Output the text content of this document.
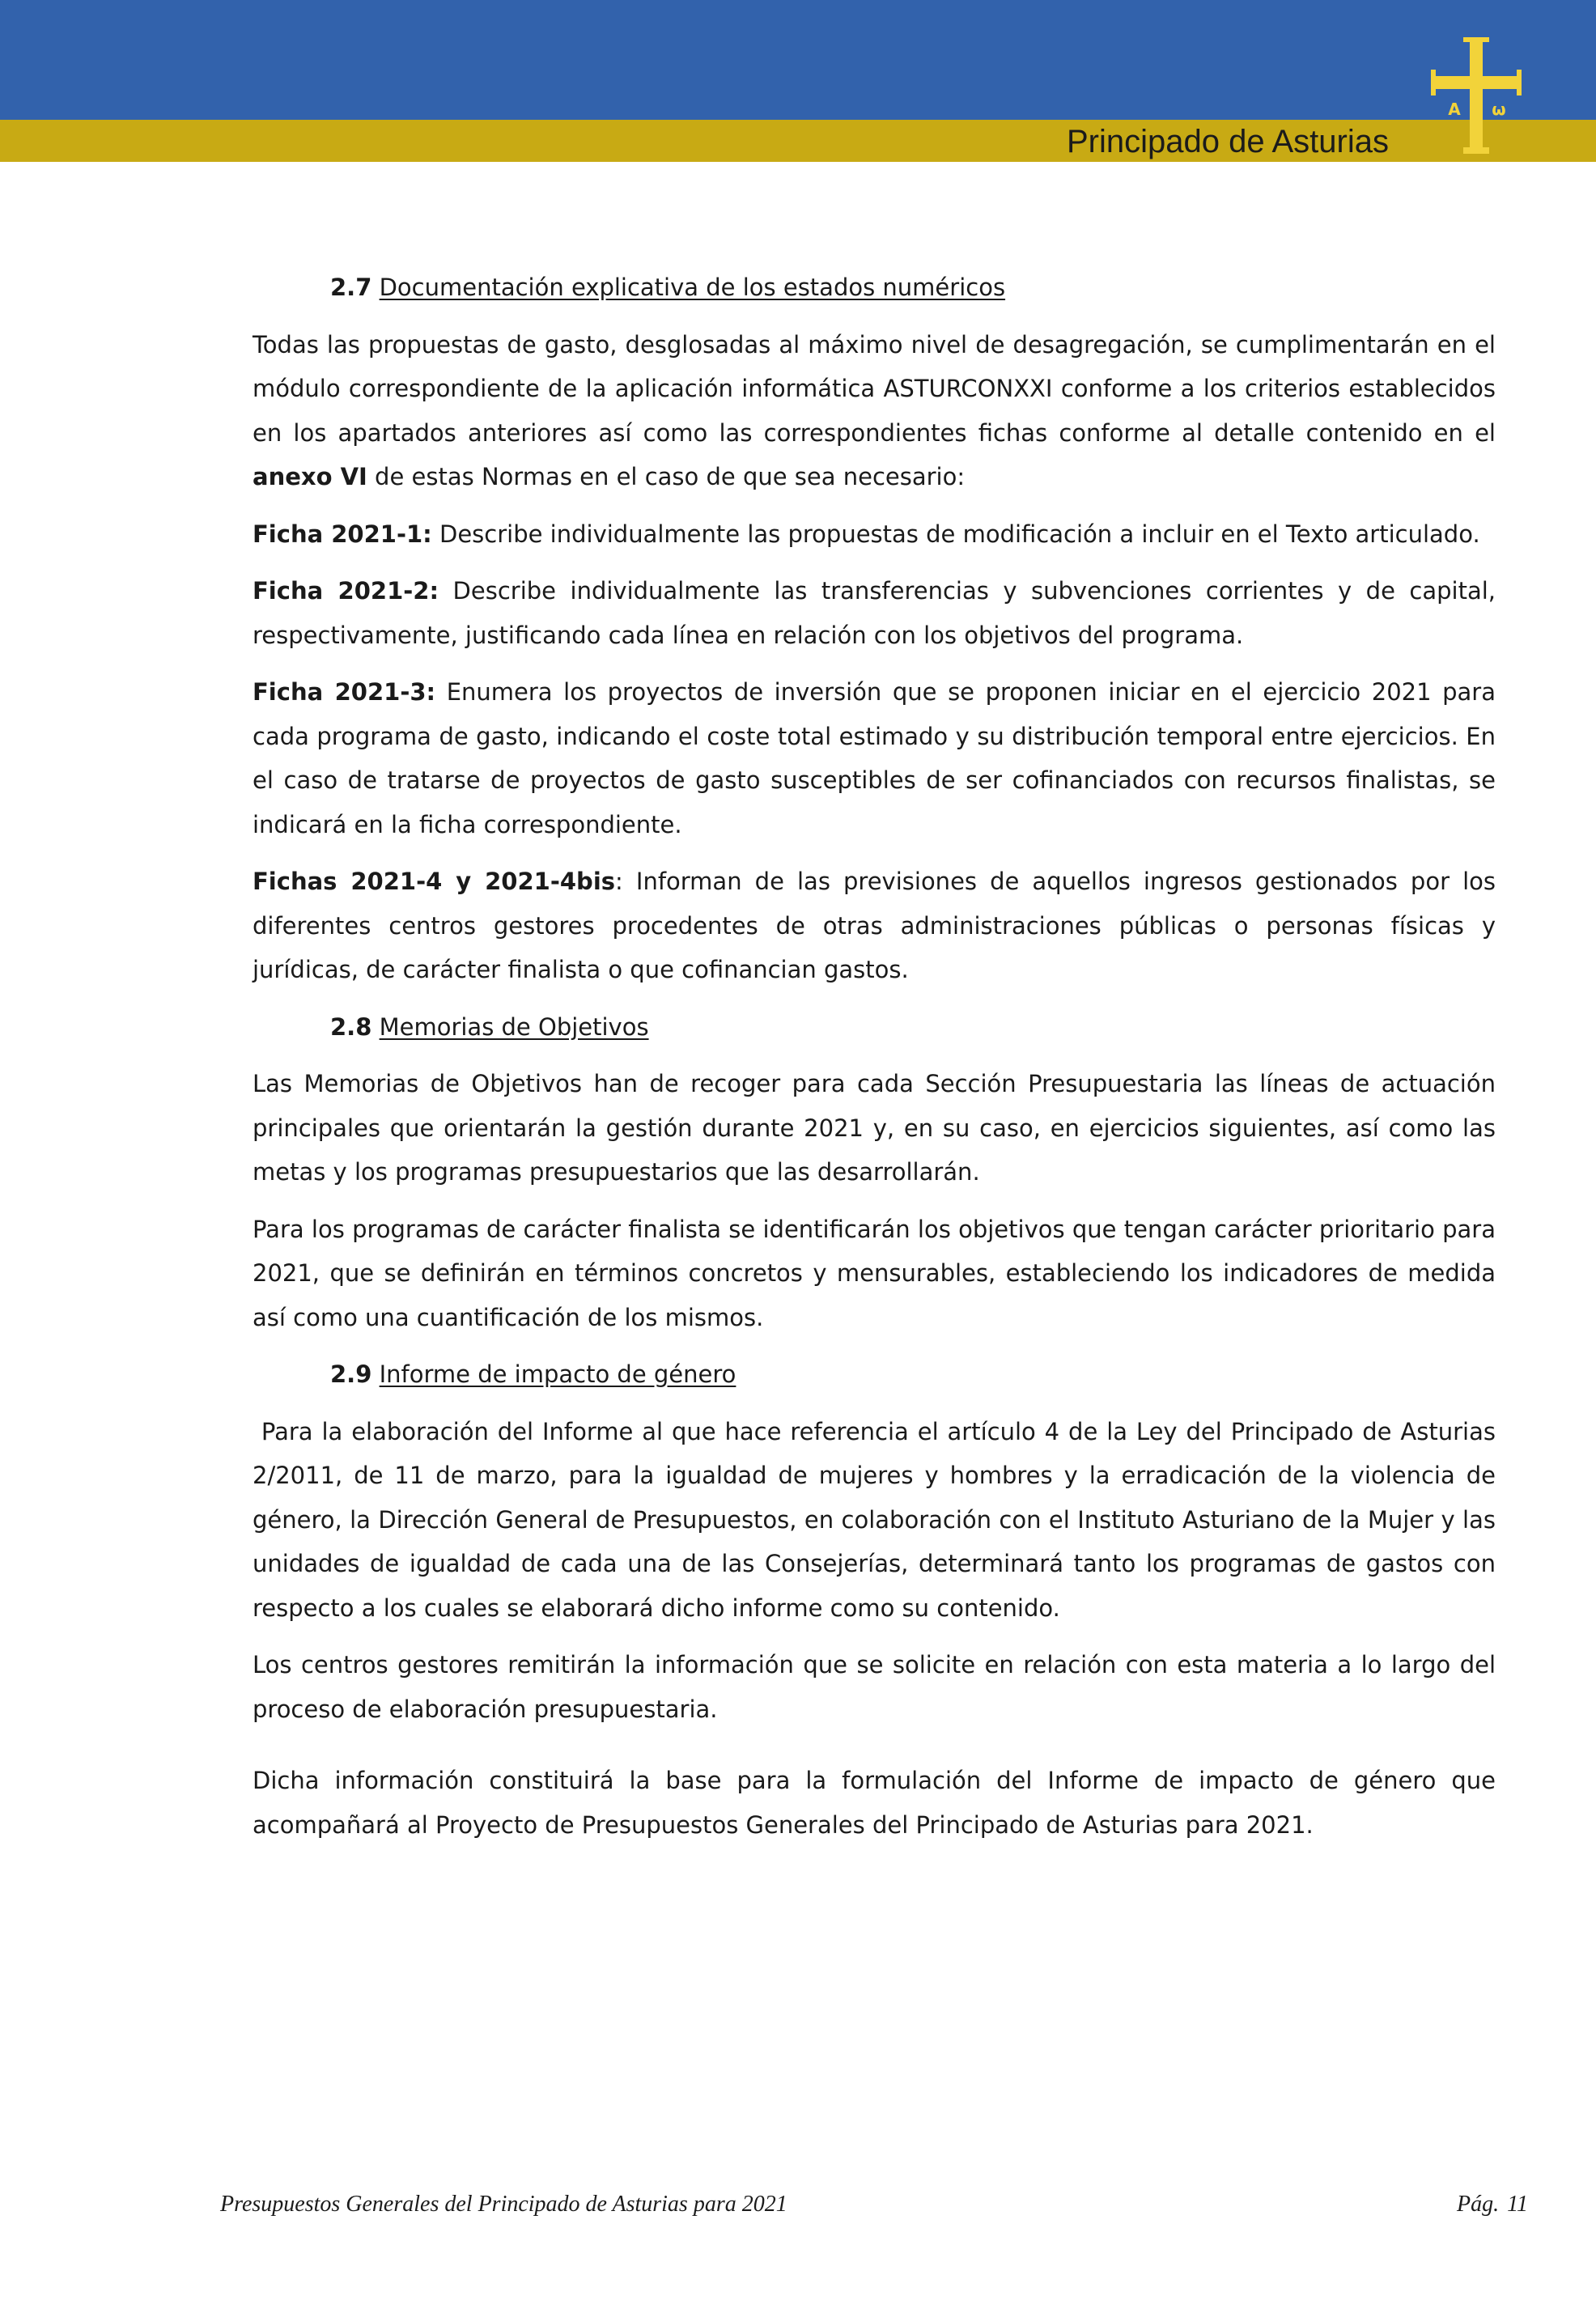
Principado de Asturias
A ω

2.7 Documentación explicativa de los estados numéricos

Todas las propuestas de gasto, desglosadas al máximo nivel de desagregación, se cumplimentarán en el módulo correspondiente de la aplicación informática ASTURCONXXI conforme a los criterios establecidos en los apartados anteriores así como las correspondientes fichas conforme al detalle contenido en el anexo VI de estas Normas en el caso de que sea necesario:

Ficha 2021-1: Describe individualmente las propuestas de modificación a incluir en el Texto articulado.

Ficha 2021-2: Describe individualmente las transferencias y subvenciones corrientes y de capital, respectivamente, justificando cada línea en relación con los objetivos del programa.

Ficha 2021-3: Enumera los proyectos de inversión que se proponen iniciar en el ejercicio 2021 para cada programa de gasto, indicando el coste total estimado y su distribución temporal entre ejercicios. En el caso de tratarse de proyectos de gasto susceptibles de ser cofinanciados con recursos finalistas, se indicará en la ficha correspondiente.

Fichas 2021-4 y 2021-4bis: Informan de las previsiones de aquellos ingresos gestionados por los diferentes centros gestores procedentes de otras administraciones públicas o personas físicas y jurídicas, de carácter finalista o que cofinancian gastos.

2.8 Memorias de Objetivos

Las Memorias de Objetivos han de recoger para cada Sección Presupuestaria las líneas de actuación principales que orientarán la gestión durante 2021 y, en su caso, en ejercicios siguientes, así como las metas y los programas presupuestarios que las desarrollarán.

Para los programas de carácter finalista se identificarán los objetivos que tengan carácter prioritario para 2021, que se definirán en términos concretos y mensurables, estableciendo los indicadores de medida así como una cuantificación de los mismos.

2.9 Informe de impacto de género

Para la elaboración del Informe al que hace referencia el artículo 4 de la Ley del Principado de Asturias 2/2011, de 11 de marzo, para la igualdad de mujeres y hombres y la erradicación de la violencia de género, la Dirección General de Presupuestos, en colaboración con el Instituto Asturiano de la Mujer y las unidades de igualdad de cada una de las Consejerías, determinará tanto los programas de gastos con respecto a los cuales se elaborará dicho informe como su contenido.

Los centros gestores remitirán la información que se solicite en relación con esta materia a lo largo del proceso de elaboración presupuestaria.

Dicha información constituirá la base para la formulación del Informe de impacto de género que acompañará al Proyecto de Presupuestos Generales del Principado de Asturias para 2021.

Presupuestos Generales del Principado de Asturias para 2021	Pág. 11
